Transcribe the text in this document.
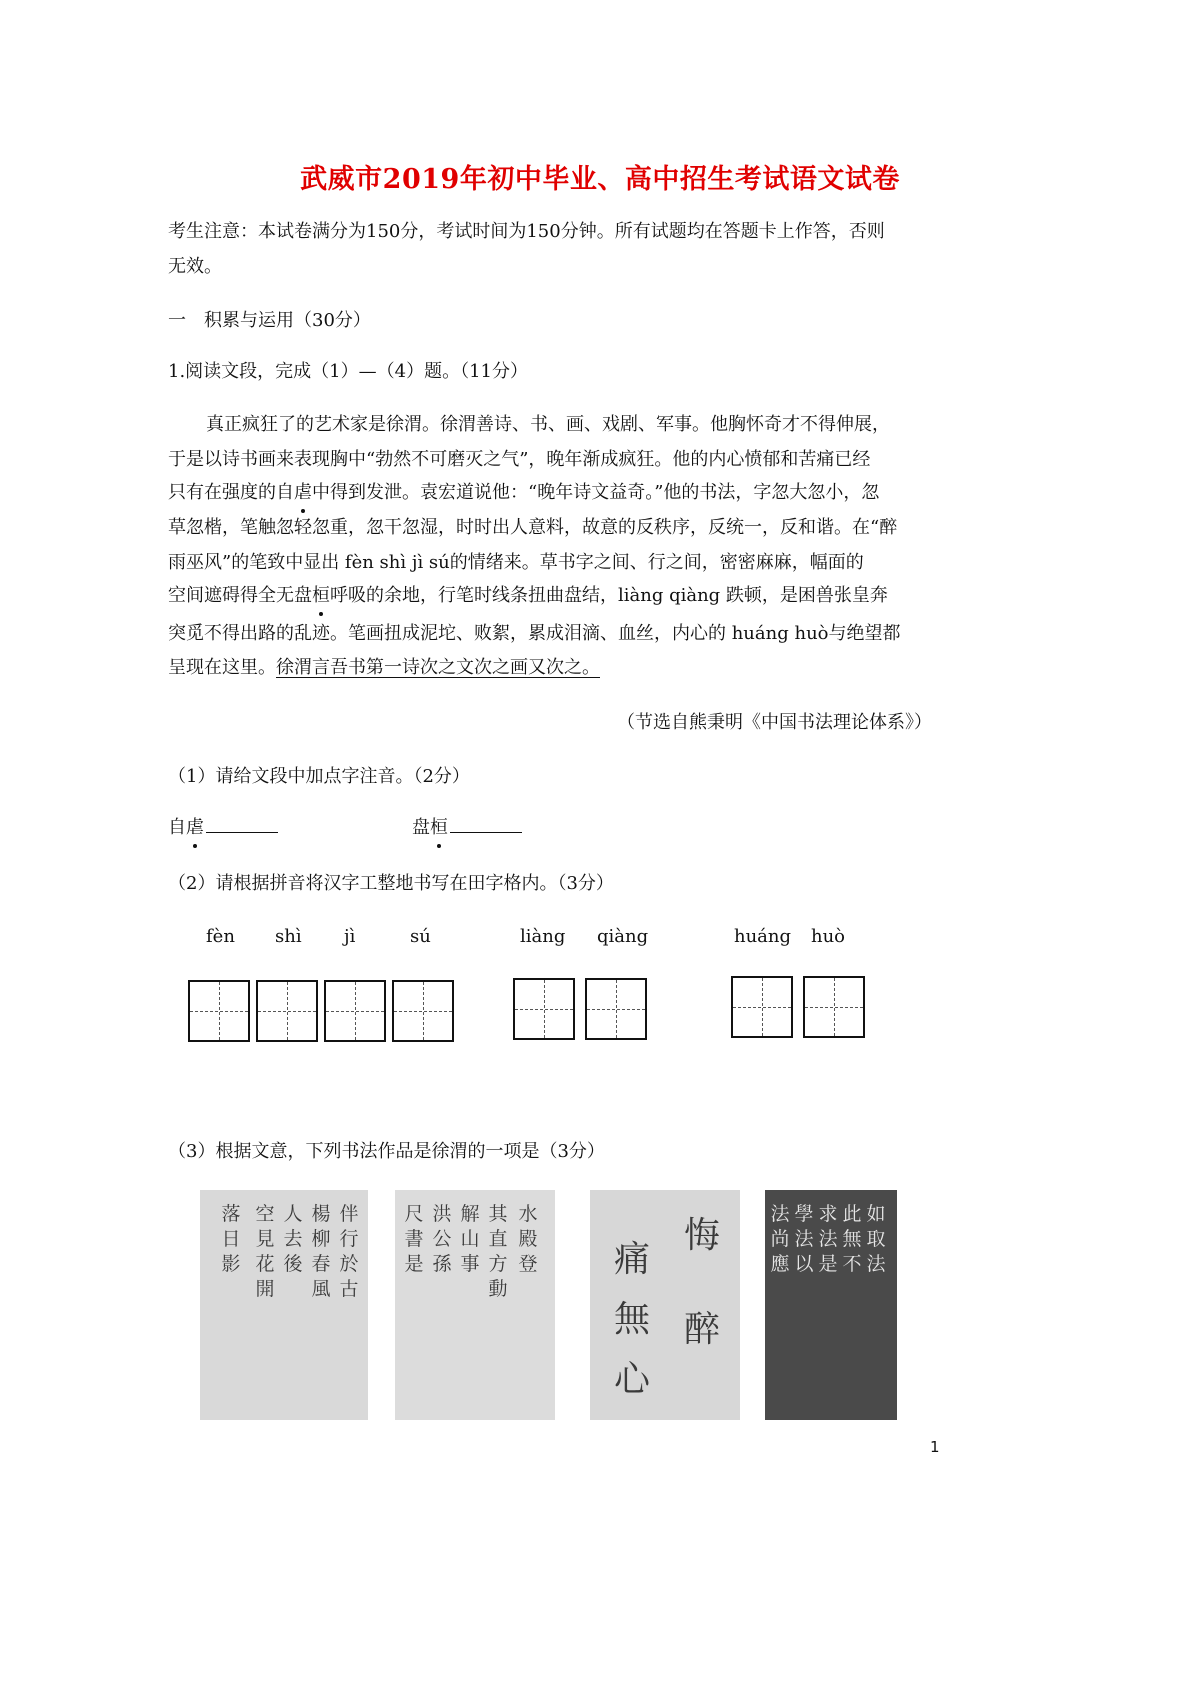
武威市2019年初中毕业、高中招生考试语文试卷
考生注意：本试卷满分为150分，考试时间为150分钟。所有试题均在答题卡上作答，否则
无效。
一　积累与运用（30分）
1.阅读文段，完成（1）—（4）题。（11分）
真正疯狂了的艺术家是徐渭。徐渭善诗、书、画、戏剧、军事。他胸怀奇才不得伸展，
于是以诗书画来表现胸中“勃然不可磨灭之气”，晚年渐成疯狂。他的内心愤郁和苦痛已经
只有在强度的自虐中得到发泄。袁宏道说他：“晚年诗文益奇。”他的书法，字忽大忽小，忽
草忽楷，笔触忽轻忽重，忽干忽湿，时时出人意料，故意的反秩序，反统一，反和谐。在“醉
雨巫风”的笔致中显出 fèn shì jì sú的情绪来。草书字之间、行之间，密密麻麻，幅面的
空间遮碍得全无盘桓呼吸的余地，行笔时线条扭曲盘结，liàng qiàng 跌顿，是困兽张皇奔
突觅不得出路的乱迹。笔画扭成泥坨、败絮，累成泪滴、血丝，内心的 huáng huò与绝望都
呈现在这里。徐渭言吾书第一诗次之文次之画又次之。
（节选自熊秉明《中国书法理论体系》）
（1）请给文段中加点字注音。（2分）
自虐	盘桓
（2）请根据拼音将汉字工整地书写在田字格内。（3分）
fèn shì jì	sú	liàng qiàng	huáng huò
（3）根据文意，下列书法作品是徐渭的一项是（3分）
伴行於古
楊柳春風
人去後
空見花開
落日影
水殿登
其直方動
解山事
洪公孫
尺書是
悔
醉
痛
無
心
如取法
此無不
求法是
學法以
法尚應
1
